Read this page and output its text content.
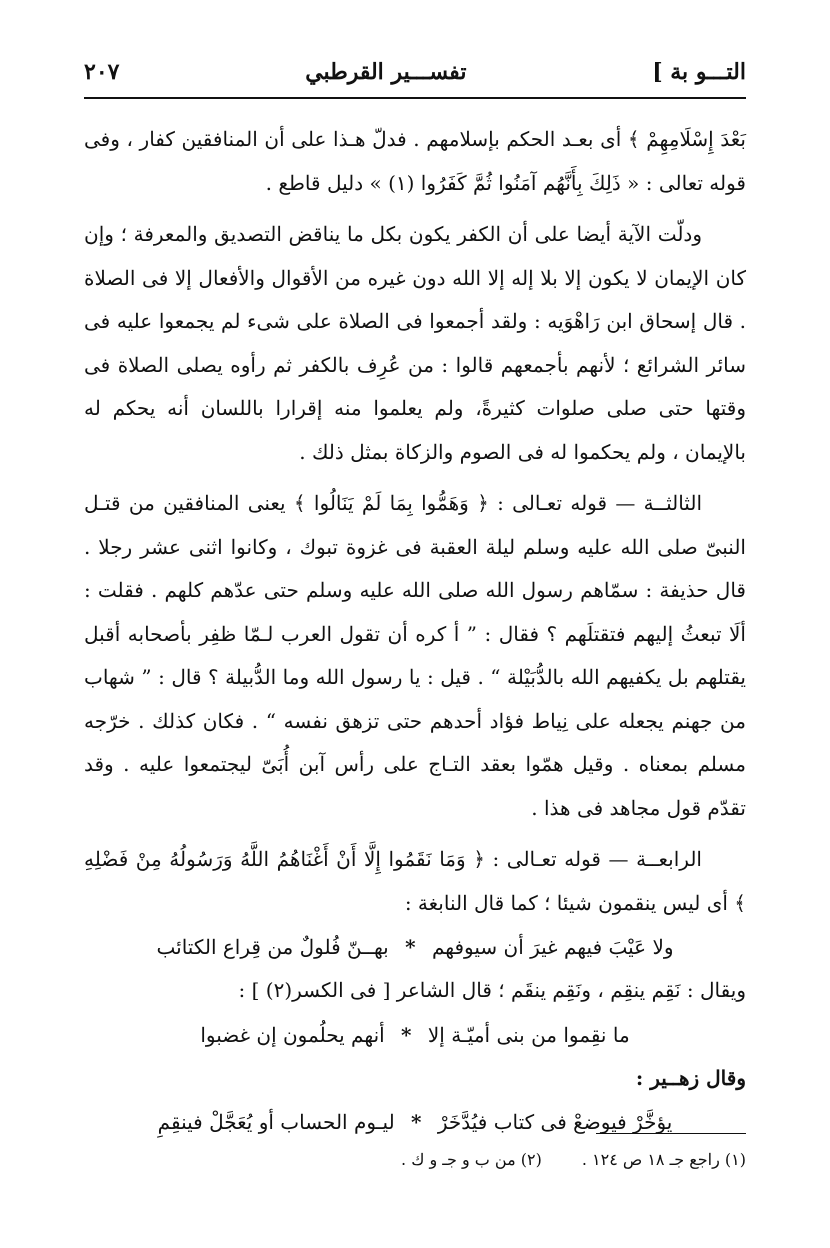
التـــو بة ]
تفســـير القرطبي
٢٠٧

بَعْدَ إِسْلَامِهِمْ ﴾ أى بعـد الحكم بإسلامهم . فدلّ هـذا على أن المنافقين كفار ، وفى قوله تعالى : « ذَلِكَ بِأَنَّهُم آمَنُوا ثُمَّ كَفَرُوا (١) » دليل قاطع .

ودلّت الآية أيضا على أن الكفر يكون بكل ما يناقض التصديق والمعرفة ؛ وإن كان الإيمان لا يكون إلا بلا إله إلا الله دون غيره من الأقوال والأفعال إلا فى الصلاة . قال إسحاق ابن رَاهْوَيه : ولقد أجمعوا فى الصلاة على شىء لم يجمعوا عليه فى سائر الشرائع ؛ لأنهم بأجمعهم قالوا : من عُرِف بالكفر ثم رأوه يصلى الصلاة فى وقتها حتى صلى صلوات كثيرةً، ولم يعلموا منه إقرارا باللسان أنه يحكم له بالإيمان ، ولم يحكموا له فى الصوم والزكاة بمثل ذلك .

الثالثــة — قوله تعـالى : ﴿ وَهَمُّوا بِمَا لَمْ يَنَالُوا ﴾ يعنى المنافقين من قتـل النبىّ صلى الله عليه وسلم ليلة العقبة فى غزوة تبوك ، وكانوا اثنى عشر رجلا . قال حذيفة : سمّاهم رسول الله صلى الله عليه وسلم حتى عدّهم كلهم . فقلت : ألَا تبعثُ إليهم فتقتلَهم ؟ فقال : ” أ كره أن تقول العرب لـمّا ظفِر بأصحابه أقبل يقتلهم بل يكفيهم الله بالدُّبَيْلة “ . قيل : يا رسول الله وما الدُّبيلة ؟ قال : ” شهاب من جهنم يجعله على نِياط فؤاد أحدهم حتى تزهق نفسه “ . فكان كذلك . خرّجه مسلم بمعناه . وقيل همّوا بعقد التـاج على رأس آبن أُبَىّ ليجتمعوا عليه . وقد تقدّم قول مجاهد فى هذا .

الرابعــة — قوله تعـالى : ﴿ وَمَا نَقَمُوا إِلَّا أَنْ أَغْنَاهُمُ اللَّهُ وَرَسُولُهُ مِنْ فَضْلِهِ ﴾ أى ليس ينقمون شيئا ؛ كما قال النابغة :

ولا عَيْبَ فيهم غيرَ أن سيوفهم * بهــنّ فُلولٌ من قِراع الكتائب

ويقال : نَقِم ينقِم ، ونَقِم ينقَم ؛ قال الشاعر [ فى الكسر(٢) ] :

ما نقِموا من بنى أميّـة إلا * أنهم يحلُمون إن غضبوا

وقال زهــير :

يؤخَّرْ فيوضعْ فى كتاب فيُدَّخَرْ * ليـوم الحساب أو يُعَجَّلْ فينقِمِ

(١) راجع جـ ١٨ ص ١٢٤ .
(٢) من ب و جـ و ك .
